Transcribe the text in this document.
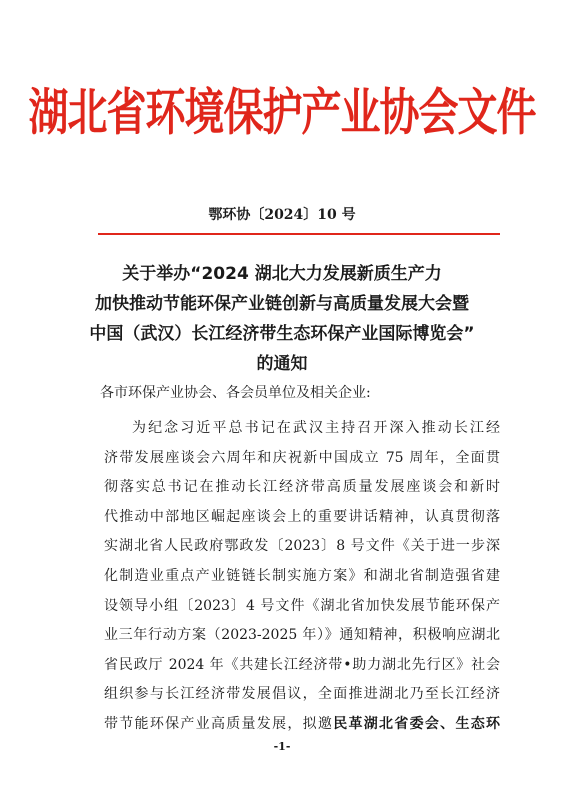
湖北省环境保护产业协会文件
鄂环协〔2024〕10 号
关于举办“2024 湖北大力发展新质生产力
加快推动节能环保产业链创新与高质量发展大会暨
中国（武汉）长江经济带生态环保产业国际博览会”
的通知
各市环保产业协会、各会员单位及相关企业:
为纪念习近平总书记在武汉主持召开深入推动长江经
济带发展座谈会六周年和庆祝新中国成立 75 周年，全面贯
彻落实总书记在推动长江经济带高质量发展座谈会和新时
代推动中部地区崛起座谈会上的重要讲话精神，认真贯彻落
实湖北省人民政府鄂政发〔2023〕8 号文件《关于进一步深
化制造业重点产业链链长制实施方案》和湖北省制造强省建
设领导小组〔2023〕4 号文件《湖北省加快发展节能环保产
业三年行动方案（2023-2025 年）》通知精神，积极响应湖北
省民政厅 2024 年《共建长江经济带•助力湖北先行区》社会
组织参与长江经济带发展倡议，全面推进湖北乃至长江经济
带节能环保产业高质量发展，拟邀民革湖北省委会、生态环
-1-
